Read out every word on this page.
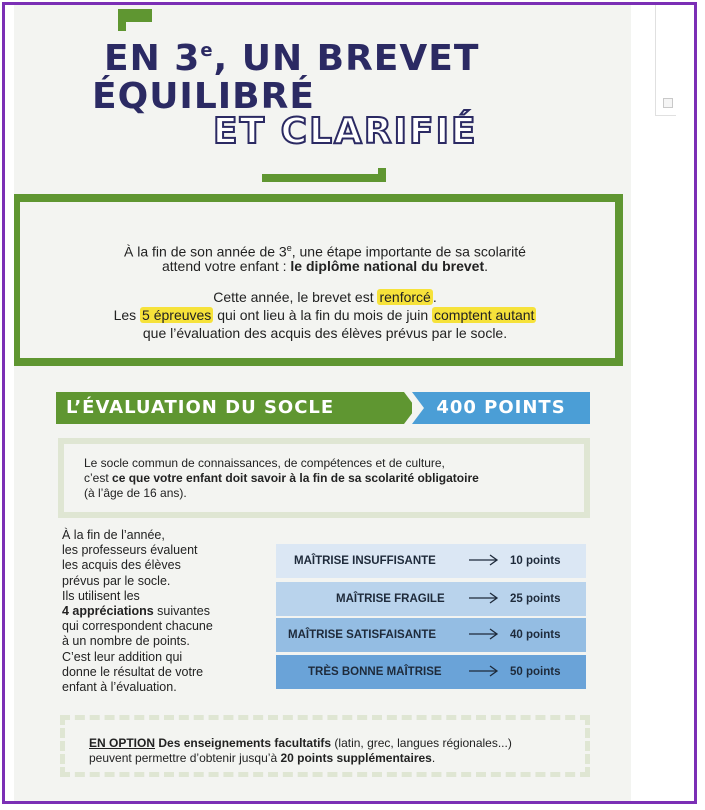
EN 3e, UN BREVET
ÉQUILIBRÉ
ET CLARIFIÉ
À la fin de son année de 3e, une étape importante de sa scolarité
attend votre enfant : le diplôme national du brevet.
Cette année, le brevet est renforcé .
Les 5 épreuves qui ont lieu à la fin du mois de juin comptent autant
que l’évaluation des acquis des élèves prévus par le socle.
L’ÉVALUATION DU SOCLE	400 POINTS
Le socle commun de connaissances, de compétences et de culture,
c’est ce que votre enfant doit savoir à la fin de sa scolarité obligatoire
(à l’âge de 16 ans).
À la fin de l’année,
les professeurs évaluent
les acquis des élèves
prévus par le socle.
Ils utilisent les
4 appréciations suivantes
qui correspondent chacune
à un nombre de points.
C’est leur addition qui
donne le résultat de votre
enfant à l’évaluation.
MAÎTRISE INSUFFISANTE	10 points
MAÎTRISE FRAGILE	25 points
MAÎTRISE SATISFAISANTE	40 points
TRÈS BONNE MAÎTRISE	50 points
EN OPTION Des enseignements facultatifs (latin, grec, langues régionales...)
peuvent permettre d’obtenir jusqu’à 20 points supplémentaires.
